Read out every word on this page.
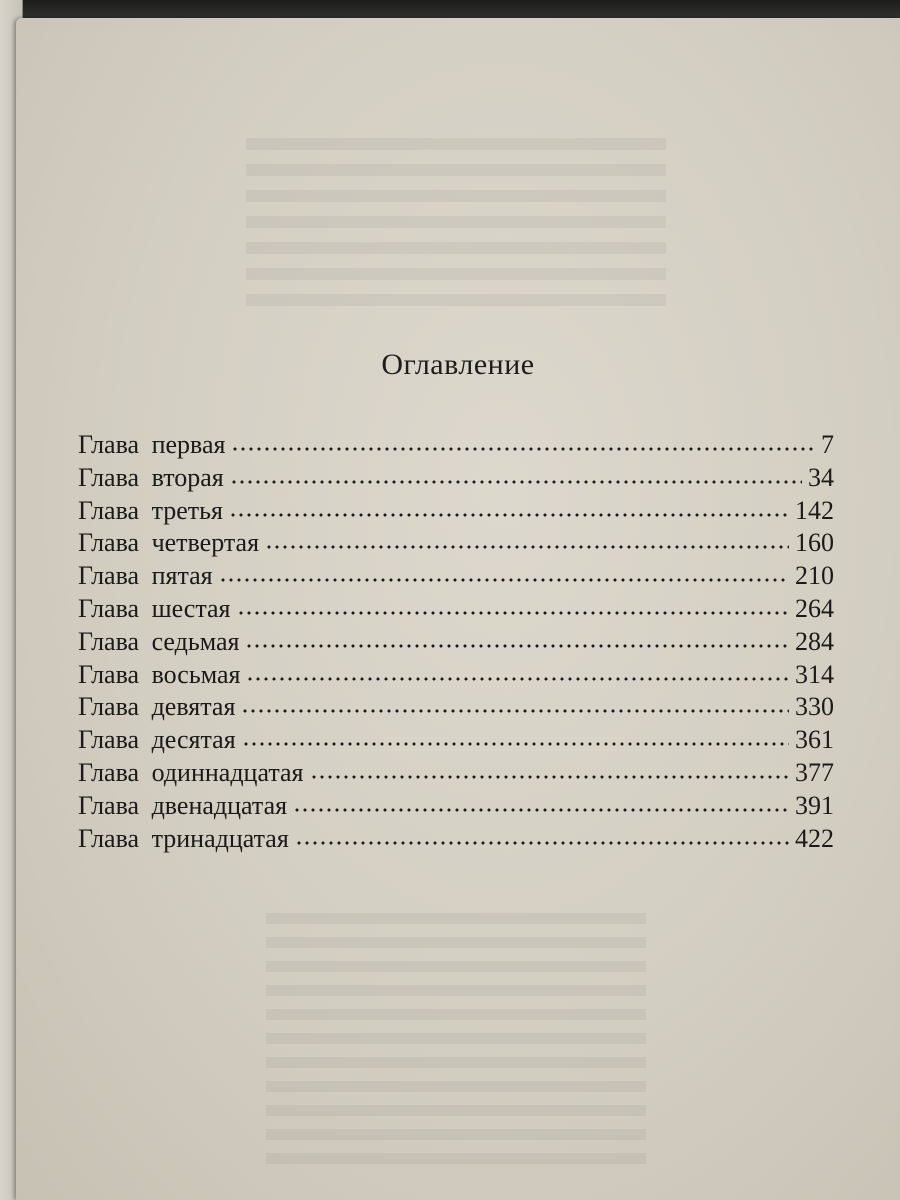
Оглавление
Глава первая	7
Глава вторая	34
Глава третья	142
Глава четвертая	160
Глава пятая	210
Глава шестая	264
Глава седьмая	284
Глава восьмая	314
Глава девятая	330
Глава десятая	361
Глава одиннадцатая	377
Глава двенадцатая	391
Глава тринадцатая	422
